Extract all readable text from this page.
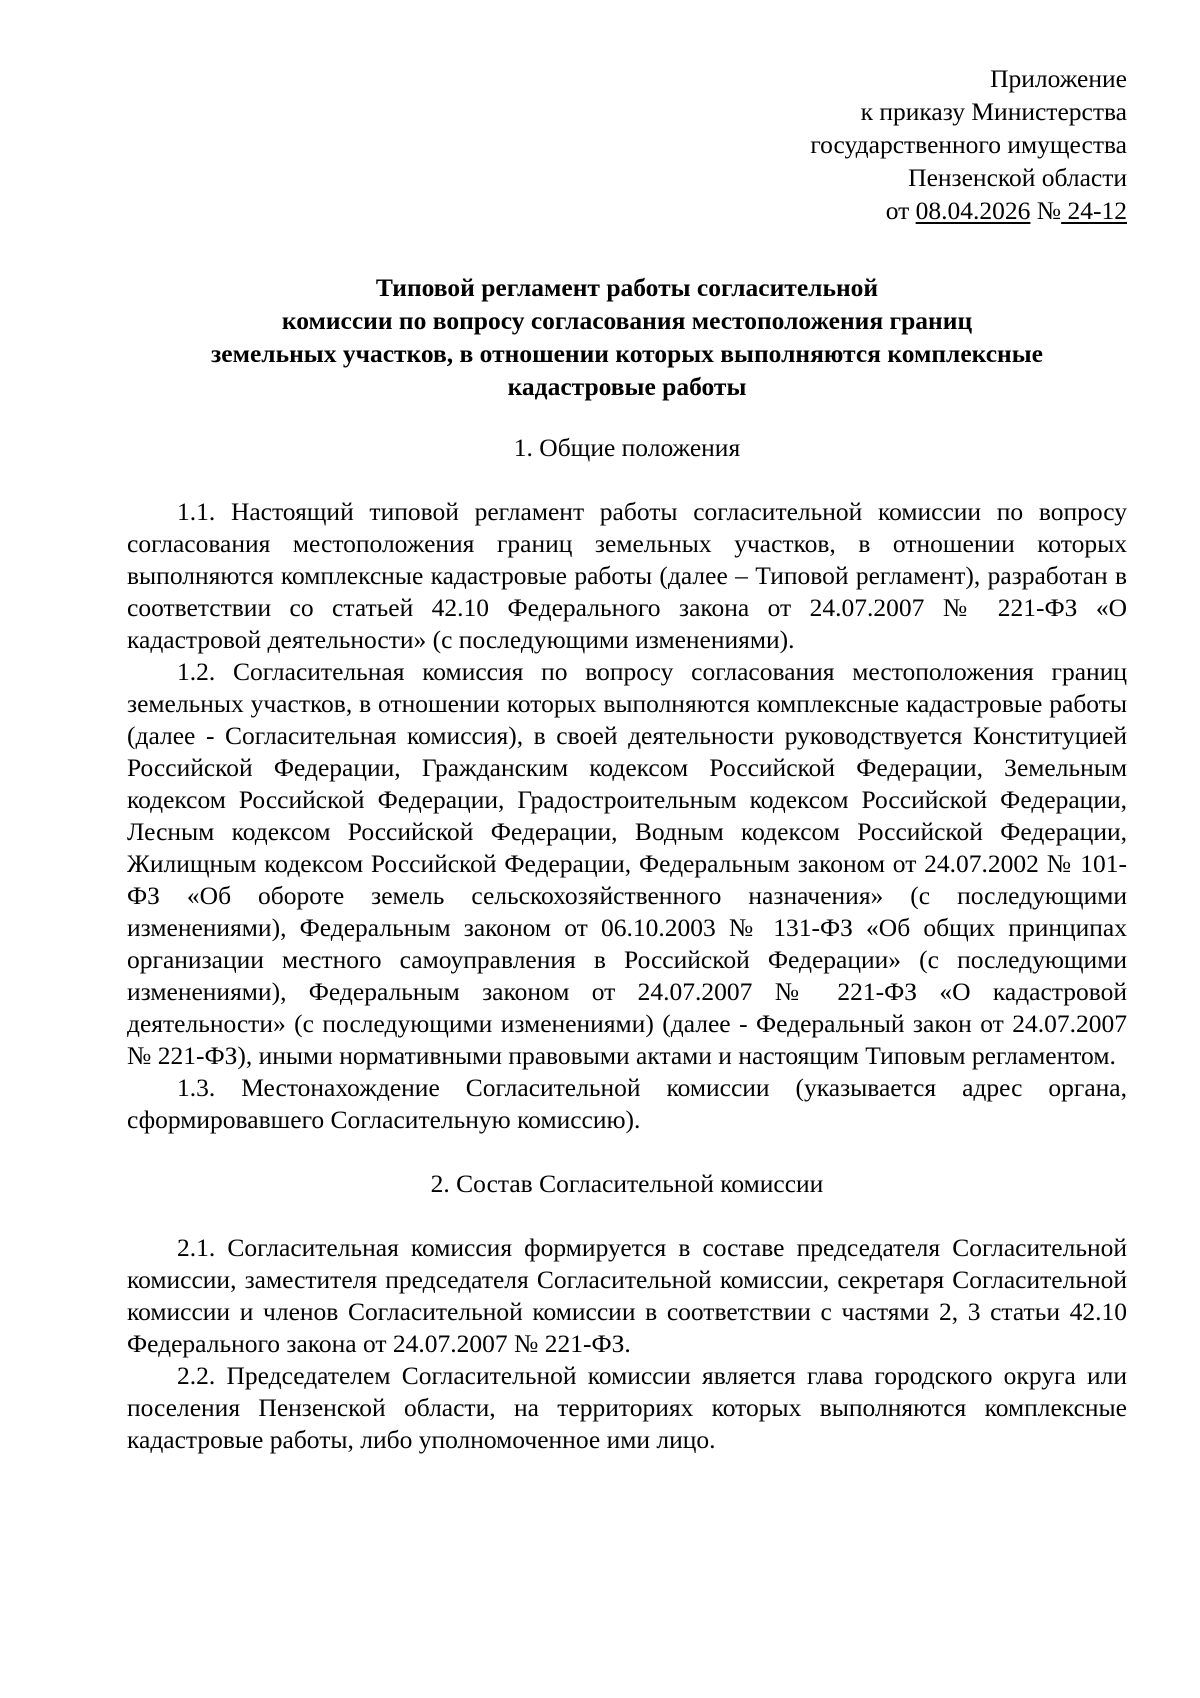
Приложение
к приказу Министерства
государственного имущества
Пензенской области
от 08.04.2026 № 24-12
Типовой регламент работы согласительной
комиссии по вопросу согласования местоположения границ
земельных участков, в отношении которых выполняются комплексные
кадастровые работы
1. Общие положения

1.1. Настоящий типовой регламент работы согласительной комиссии по вопросу согласования местоположения границ земельных участков, в отношении которых выполняются комплексные кадастровые работы (далее – Типовой регламент), разработан в соответствии со статьей 42.10 Федерального закона от 24.07.2007 № 221-ФЗ «О кадастровой деятельности» (с последующими изменениями).

1.2. Согласительная комиссия по вопросу согласования местоположения границ земельных участков, в отношении которых выполняются комплексные кадастровые работы (далее - Согласительная комиссия), в своей деятельности руководствуется Конституцией Российской Федерации, Гражданским кодексом Российской Федерации, Земельным кодексом Российской Федерации, Градостроительным кодексом Российской Федерации, Лесным кодексом Российской Федерации, Водным кодексом Российской Федерации, Жилищным кодексом Российской Федерации, Федеральным законом от 24.07.2002 № 101-ФЗ «Об обороте земель сельскохозяйственного назначения» (с последующими изменениями), Федеральным законом от 06.10.2003 № 131-ФЗ «Об общих принципах организации местного самоуправления в Российской Федерации» (с последующими изменениями), Федеральным законом от 24.07.2007 № 221-ФЗ «О кадастровой деятельности» (с последующими изменениями) (далее - Федеральный закон от 24.07.2007 № 221-ФЗ), иными нормативными правовыми актами и настоящим Типовым регламентом.

1.3. Местонахождение Согласительной комиссии (указывается адрес органа, сформировавшего Согласительную комиссию).

2. Состав Согласительной комиссии

2.1. Согласительная комиссия формируется в составе председателя Согласительной комиссии, заместителя председателя Согласительной комиссии, секретаря Согласительной комиссии и членов Согласительной комиссии в соответствии с частями 2, 3 статьи 42.10 Федерального закона от 24.07.2007 № 221-ФЗ.

2.2. Председателем Согласительной комиссии является глава городского округа или поселения Пензенской области, на территориях которых выполняются комплексные кадастровые работы, либо уполномоченное ими лицо.
